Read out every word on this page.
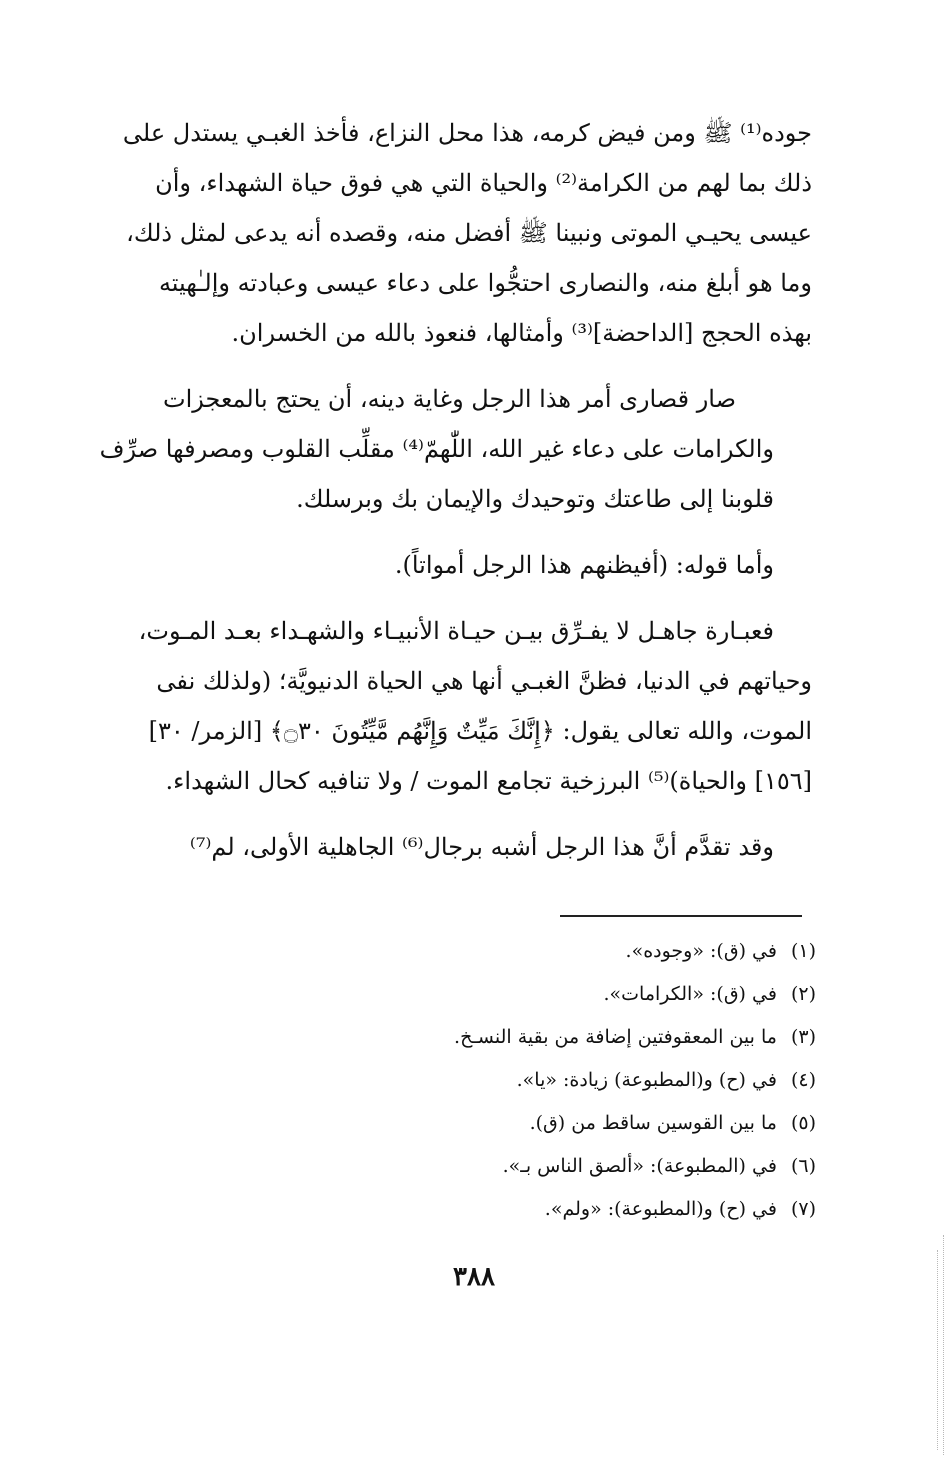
جوده⁽¹⁾ ﷺ ومن فيض كرمه، هذا محل النزاع، فأخذ الغبـي يستدل على
ذلك بما لهم من الكرامة⁽²⁾ والحياة التي هي فوق حياة الشهداء، وأن
عيسى يحيـي الموتى ونبينا ﷺ أفضل منه، وقصده أنه يدعى لمثل ذلك،
وما هو أبلغ منه، والنصارى احتجُّوا على دعاء عيسى وعبادته وإلـٰهيته
بهذه الحجج [الداحضة]⁽³⁾ وأمثالها، فنعوذ بالله من الخسران.

صار قصارى أمر هذا الرجل وغاية دينه، أن يحتج بالمعجزات
والكرامات على دعاء غير الله، اللّٰهمّ⁽⁴⁾ مقلِّب القلوب ومصرفها صرِّف
قلوبنا إلى طاعتك وتوحيدك والإيمان بك وبرسلك.

وأما قوله: (أفيظنهم هذا الرجل أمواتاً).

فعبـارة جاهـل لا يفـرِّق بيـن حيـاة الأنبيـاء والشهـداء بعـد المـوت،
وحياتهم في الدنيا، فظنَّ الغبـي أنها هي الحياة الدنيويَّة؛ (ولذلك نفى
الموت، والله تعالى يقول: ﴿إِنَّكَ مَيِّتٌ وَإِنَّهُم مَّيِّتُونَ ۝٣٠﴾ [الزمر/ ٣٠]
[١٥٦] والحياة)⁽⁵⁾ البرزخية تجامع الموت / ولا تنافيه كحال الشهداء.

وقد تقدَّم أنَّ هذا الرجل أشبه برجال⁽⁶⁾ الجاهلية الأولى، لم⁽⁷⁾

(١)في (ق): «وجوده».
(٢)في (ق): «الكرامات».
(٣)ما بين المعقوفتين إضافة من بقية النسـخ.
(٤)في (ح) و(المطبوعة) زيادة: «يا».
(٥)ما بين القوسين ساقط من (ق).
(٦)في (المطبوعة): «ألصق الناس بـ».
(٧)في (ح) و(المطبوعة): «ولم».
٣٨٨
